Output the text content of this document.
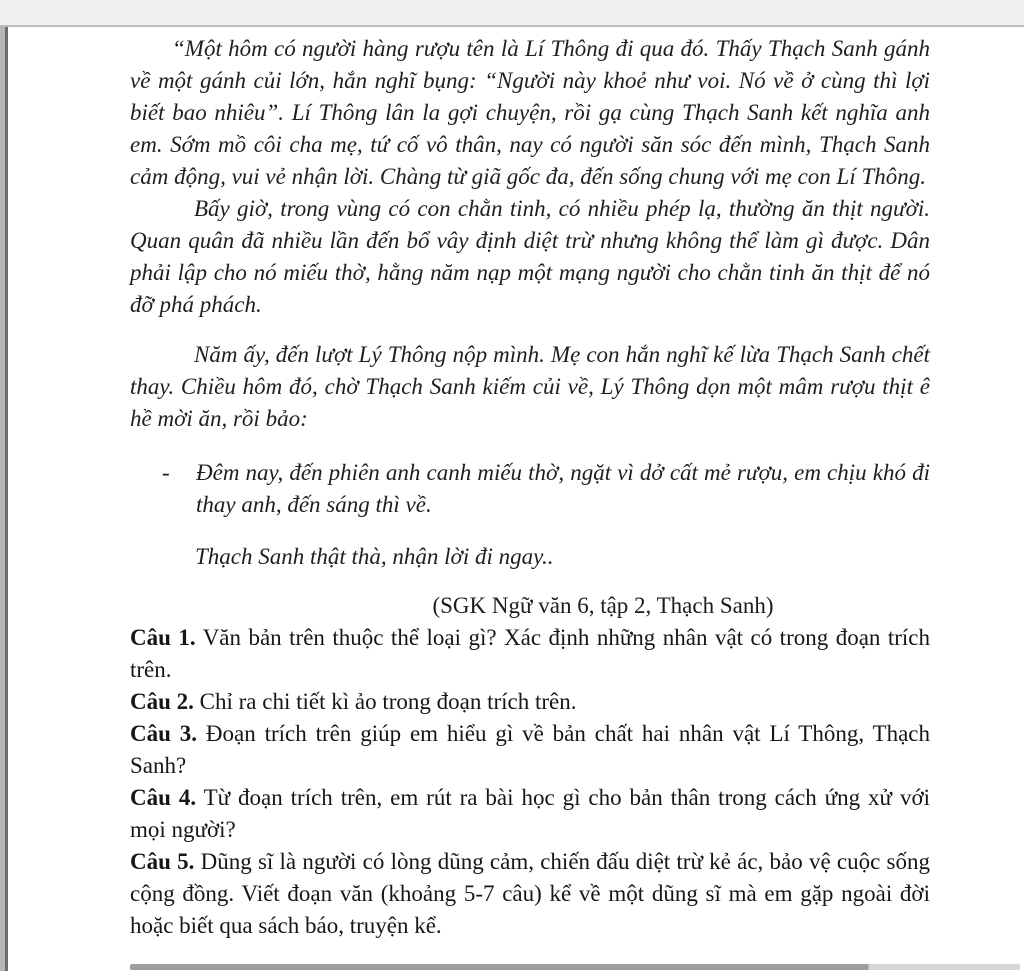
“Một hôm có người hàng rượu tên là Lí Thông đi qua đó. Thấy Thạch Sanh gánh về một gánh củi lớn, hắn nghĩ bụng: “Người này khoẻ như voi. Nó về ở cùng thì lợi biết bao nhiêu”. Lí Thông lân la gợi chuyện, rồi gạ cùng Thạch Sanh kết nghĩa anh em. Sớm mồ côi cha mẹ, tứ cố vô thân, nay có người săn sóc đến mình, Thạch Sanh cảm động, vui vẻ nhận lời. Chàng từ giã gốc đa, đến sống chung với mẹ con Lí Thông.

Bấy giờ, trong vùng có con chằn tinh, có nhiều phép lạ, thường ăn thịt người. Quan quân đã nhiều lần đến bổ vây định diệt trừ nhưng không thể làm gì được. Dân phải lập cho nó miếu thờ, hằng năm nạp một mạng người cho chằn tinh ăn thịt để nó đỡ phá phách.

Năm ấy, đến lượt Lý Thông nộp mình. Mẹ con hắn nghĩ kế lừa Thạch Sanh chết thay. Chiều hôm đó, chờ Thạch Sanh kiếm củi về, Lý Thông dọn một mâm rượu thịt ê hề mời ăn, rồi bảo:

- Đêm nay, đến phiên anh canh miếu thờ, ngặt vì dở cất mẻ rượu, em chịu khó đi thay anh, đến sáng thì về.

Thạch Sanh thật thà, nhận lời đi ngay..

(SGK Ngữ văn 6, tập 2, Thạch Sanh)

Câu 1. Văn bản trên thuộc thể loại gì? Xác định những nhân vật có trong đoạn trích trên.

Câu 2. Chỉ ra chi tiết kì ảo trong đoạn trích trên.

Câu 3. Đoạn trích trên giúp em hiểu gì về bản chất hai nhân vật Lí Thông, Thạch Sanh?

Câu 4. Từ đoạn trích trên, em rút ra bài học gì cho bản thân trong cách ứng xử với mọi người?

Câu 5. Dũng sĩ là người có lòng dũng cảm, chiến đấu diệt trừ kẻ ác, bảo vệ cuộc sống cộng đồng. Viết đoạn văn (khoảng 5-7 câu) kể về một dũng sĩ mà em gặp ngoài đời hoặc biết qua sách báo, truyện kể.
